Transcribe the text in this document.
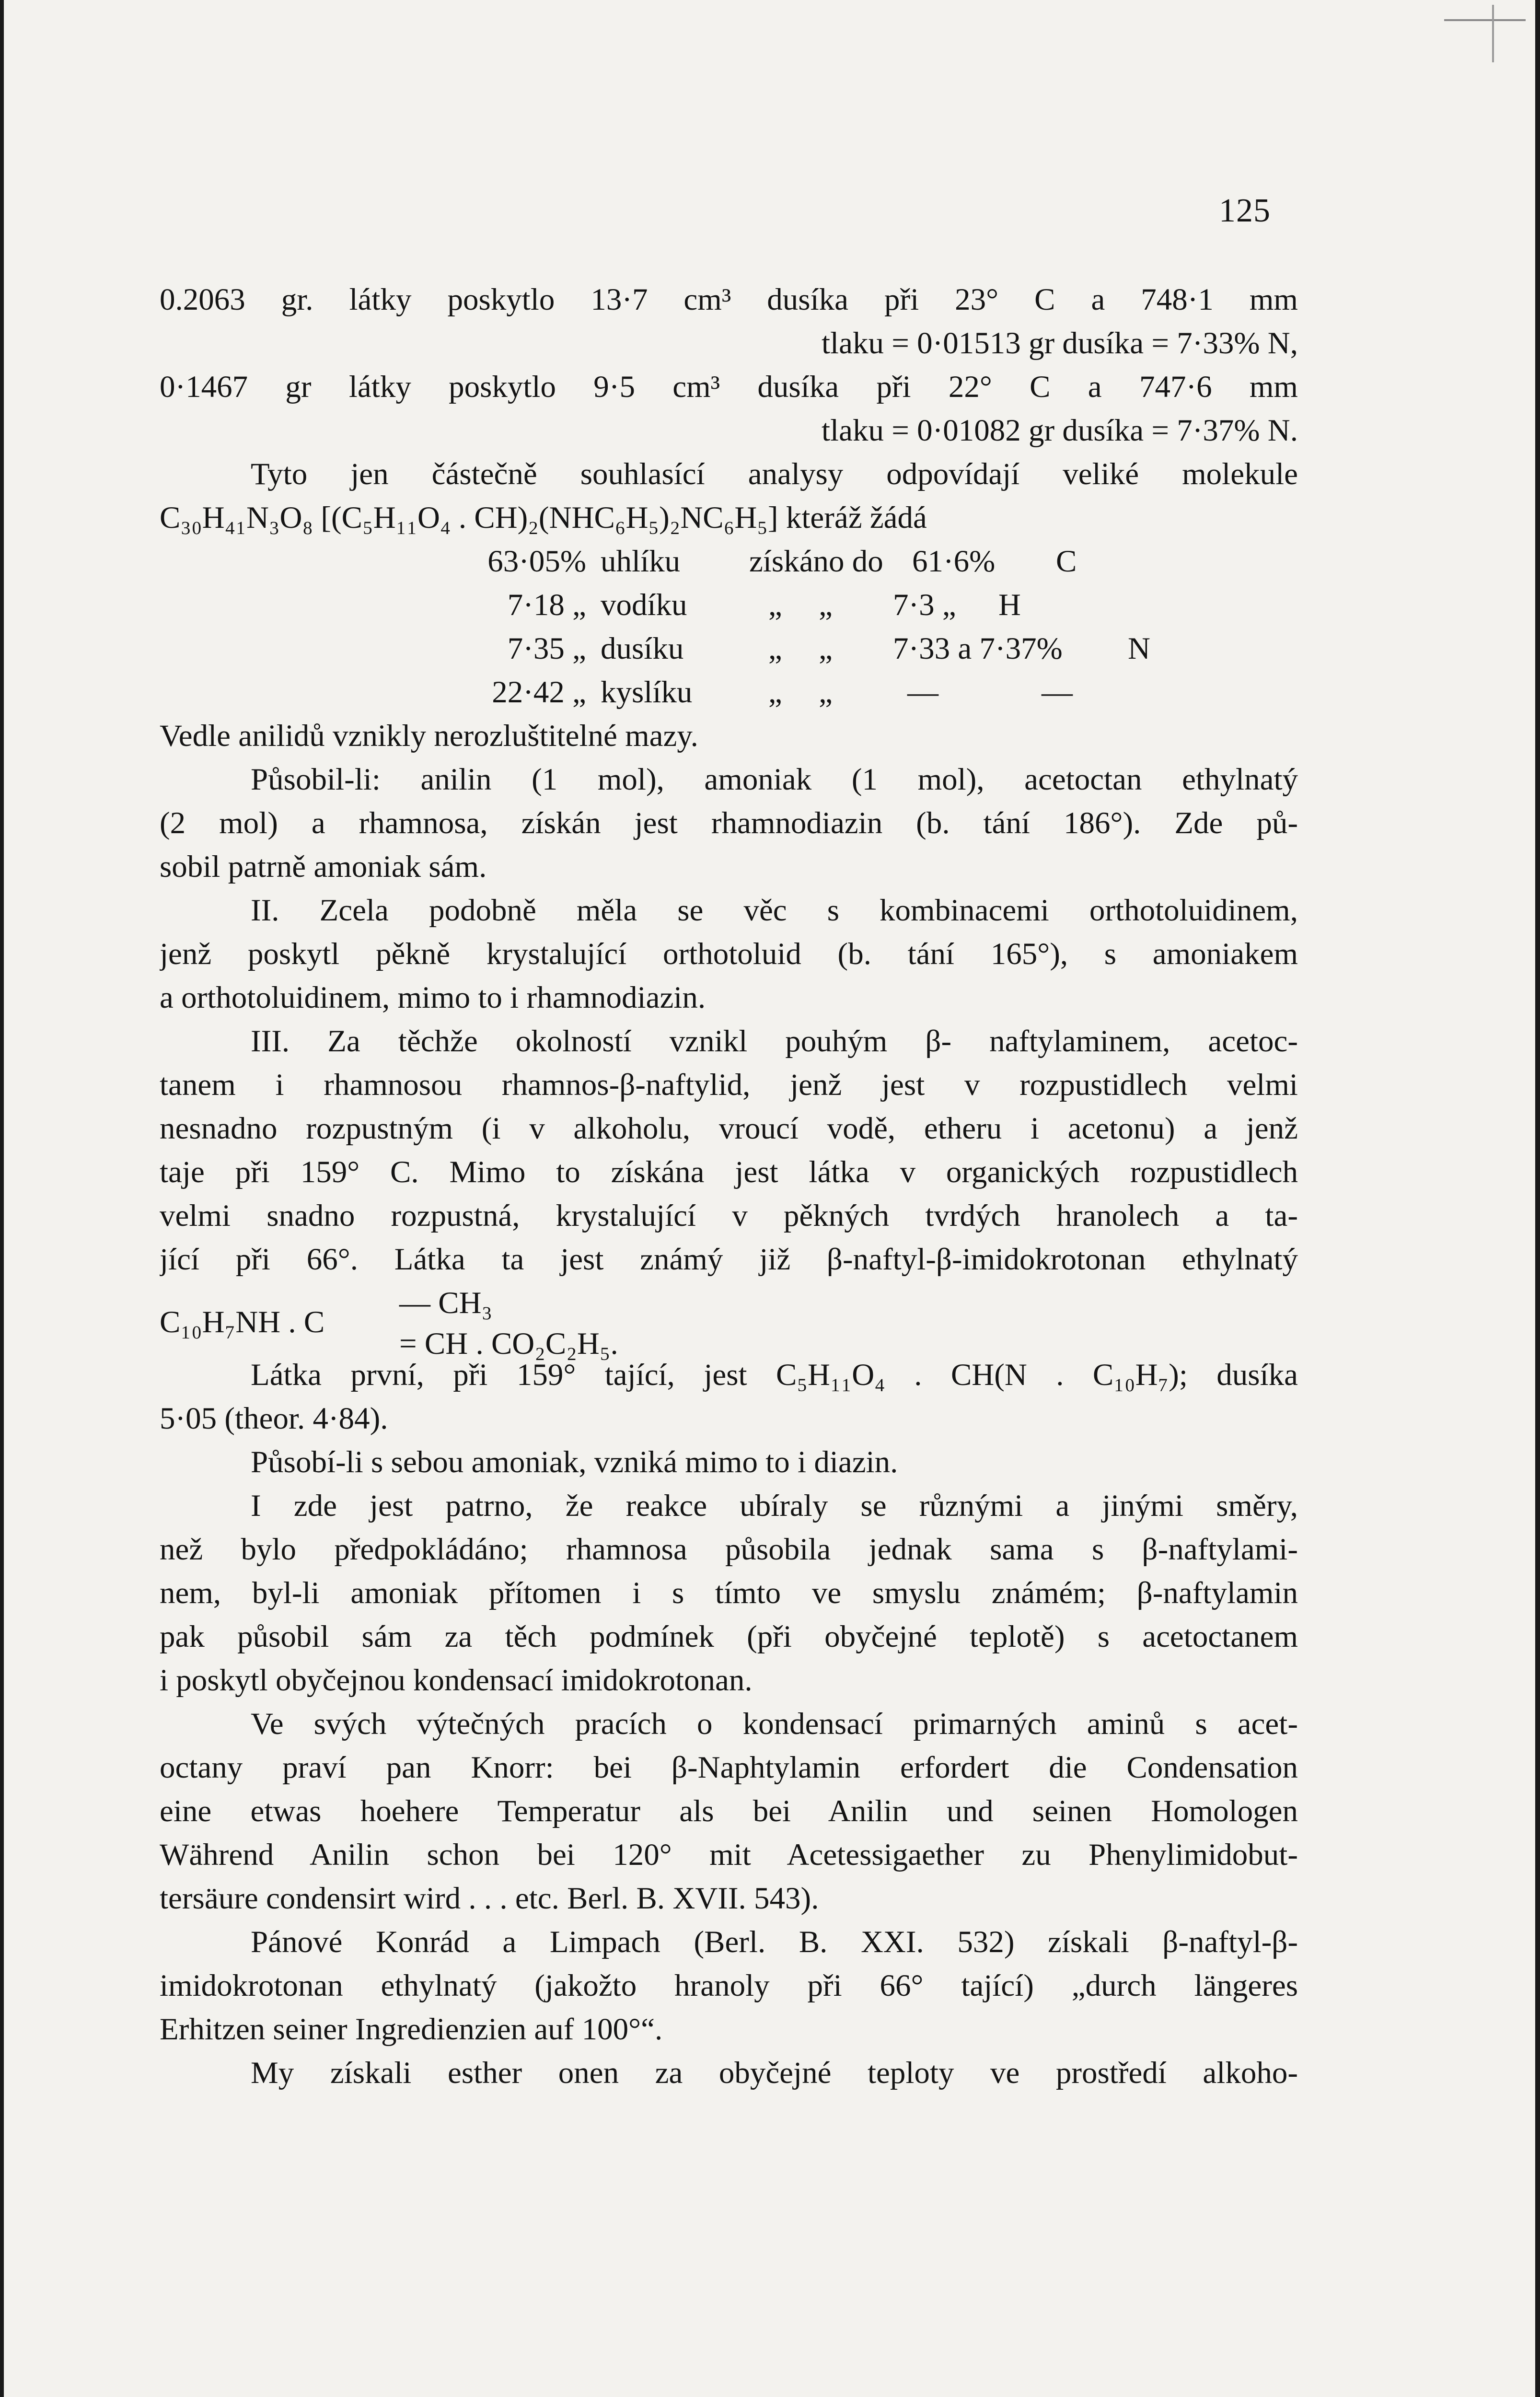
125
0.2063 gr. látky poskytlo 13·7 cm³ dusíka při 23° C a 748·1 mm
tlaku = 0·01513 gr dusíka = 7·33% N,
0·1467 gr látky poskytlo 9·5 cm³ dusíka při 22° C a 747·6 mm
tlaku = 0·01082 gr dusíka = 7·37% N.
Tyto jen částečně souhlasící analysy odpovídají veliké molekule
C₃₀H₄₁N₃O₈ [(C₅H₁₁O₄ . CH)₂(NHC₆H₅)₂NC₆H₅] kteráž žádá
63·05% uhlíku získáno do 61·6% C
7·18 „ vodíku	„ „ 7·3 „ H
7·35 „ dusíku	„ „ 7·33 a 7·37% N
22·42 „ kyslíku „ „ —	—
Vedle anilidů vznikly nerozluštitelné mazy.
Působil-li: anilin (1 mol), amoniak (1 mol), acetoctan ethylnatý
(2 mol) a rhamnosa, získán jest rhamnodiazin (b. tání 186°). Zde pů-
sobil patrně amoniak sám.
II. Zcela podobně měla se věc s kombinacemi orthotoluidinem,
jenž poskytl pěkně krystalující orthotoluid (b. tání 165°), s amoniakem
a orthotoluidinem, mimo to i rhamnodiazin.
III. Za těchže okolností vznikl pouhým β- naftylaminem, acetoc-
tanem i rhamnosou rhamnos-β-naftylid, jenž jest v rozpustidlech velmi
nesnadno rozpustným (i v alkoholu, vroucí vodě, etheru i acetonu) a jenž
taje při 159° C. Mimo to získána jest látka v organických rozpustidlech
velmi snadno rozpustná, krystalující v pěkných tvrdých hranolech a ta-
jící při 66°. Látka ta jest známý již β-naftyl-β-imidokrotonan ethylnatý
C₁₀H₇NH . C
— CH₃
= CH . CO₂C₂H₅.
Látka první, při 159° tající, jest C₅H₁₁O₄ . CH(N . C₁₀H₇); dusíka
5·05 (theor. 4·84).
Působí-li s sebou amoniak, vzniká mimo to i diazin.
I zde jest patrno, že reakce ubíraly se různými a jinými směry,
než bylo předpokládáno; rhamnosa působila jednak sama s β-naftylami-
nem, byl-li amoniak přítomen i s tímto ve smyslu známém; β-naftylamin
pak působil sám za těch podmínek (při obyčejné teplotě) s acetoctanem
i poskytl obyčejnou kondensací imidokrotonan.
Ve svých výtečných pracích o kondensací primarných aminů s acet-
octany praví pan Knorr: bei β-Naphtylamin erfordert die Condensation
eine etwas hoehere Temperatur als bei Anilin und seinen Homologen
Während Anilin schon bei 120° mit Acetessigaether zu Phenylimidobut-
tersäure condensirt wird . . . etc. Berl. B. XVII. 543).
Pánové Konrád a Limpach (Berl. B. XXI. 532) získali β-naftyl-β-
imidokrotonan ethylnatý (jakožto hranoly při 66° tající) „durch längeres
Erhitzen seiner Ingredienzien auf 100°“.
My získali esther onen za obyčejné teploty ve prostředí alkoho-
